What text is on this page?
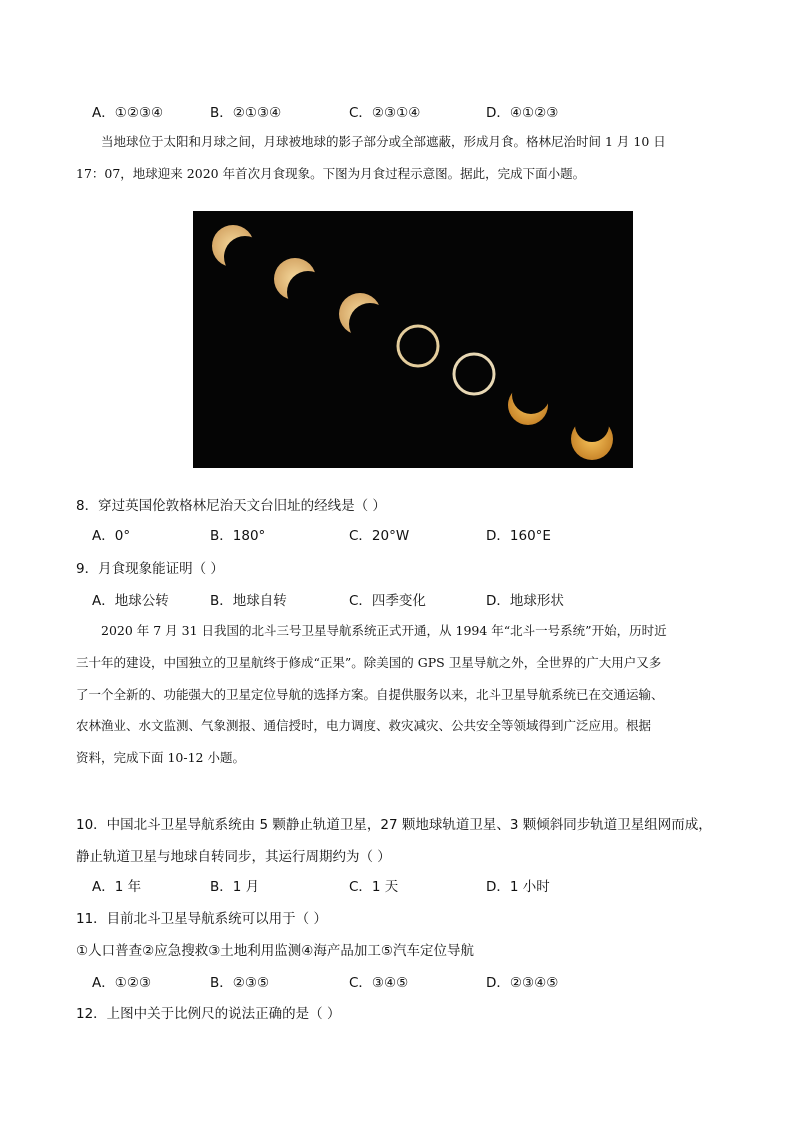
A．①②③④	B．②①③④	C．②③①④	D．④①②③
当地球位于太阳和月球之间，月球被地球的影子部分或全部遮蔽，形成月食。格林尼治时间 1 月 10 日
17：07，地球迎来 2020 年首次月食现象。下图为月食过程示意图。据此，完成下面小题。
8．穿过英国伦敦格林尼治天文台旧址的经线是（ ）
A．0°	B．180°	C．20°W	D．160°E
9．月食现象能证明（ ）
A．地球公转	B．地球自转	C．四季变化	D．地球形状
2020 年 7 月 31 日我国的北斗三号卫星导航系统正式开通，从 1994 年“北斗一号系统”开始，历时近
三十年的建设，中国独立的卫星航终于修成“正果”。除美国的 GPS 卫星导航之外，全世界的广大用户又多
了一个全新的、功能强大的卫星定位导航的选择方案。自提供服务以来，北斗卫星导航系统已在交通运输、
农林渔业、水文监测、气象测报、通信授时，电力调度、救灾减灾、公共安全等领域得到广泛应用。根据
资料，完成下面 10-12 小题。
10．中国北斗卫星导航系统由 5 颗静止轨道卫星，27 颗地球轨道卫星、3 颗倾斜同步轨道卫星组网而成，
静止轨道卫星与地球自转同步，其运行周期约为（ ）
A．1 年	B．1 月	C．1 天	D．1 小时
11．目前北斗卫星导航系统可以用于（ ）
①人口普查②应急搜救③土地利用监测④海产品加工⑤汽车定位导航
A．①②③	B．②③⑤	C．③④⑤	D．②③④⑤
12．上图中关于比例尺的说法正确的是（ ）
